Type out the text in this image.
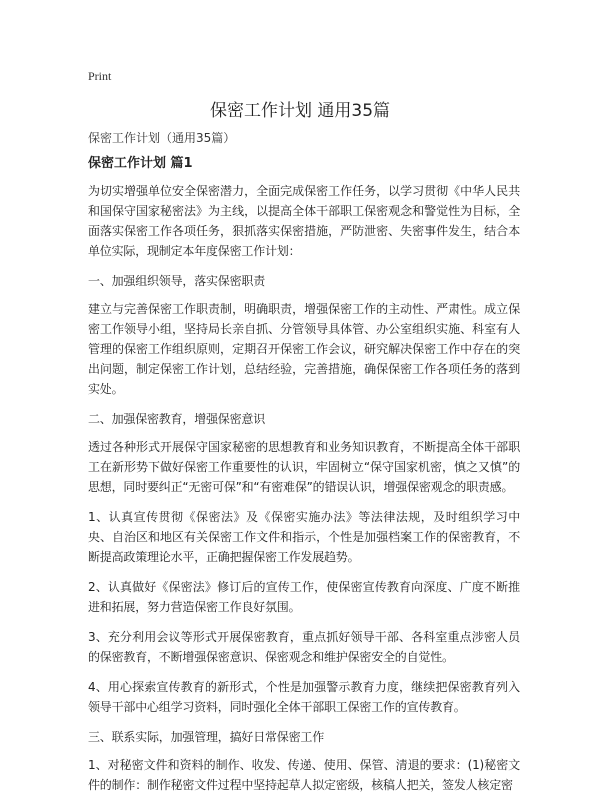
Print
保密工作计划 通用35篇

保密工作计划（通用35篇）

保密工作计划 篇1

为切实增强单位安全保密潜力，全面完成保密工作任务，以学习贯彻《中华人民共和国保守国家秘密法》为主线，以提高全体干部职工保密观念和警觉性为目标，全面落实保密工作各项任务，狠抓落实保密措施，严防泄密、失密事件发生，结合本单位实际，现制定本年度保密工作计划：

一、加强组织领导，落实保密职责

建立与完善保密工作职责制，明确职责，增强保密工作的主动性、严肃性。成立保密工作领导小组，坚持局长亲自抓、分管领导具体管、办公室组织实施、科室有人管理的保密工作组织原则，定期召开保密工作会议，研究解决保密工作中存在的突出问题，制定保密工作计划，总结经验，完善措施，确保保密工作各项任务的落到实处。

二、加强保密教育，增强保密意识

透过各种形式开展保守国家秘密的思想教育和业务知识教育，不断提高全体干部职工在新形势下做好保密工作重要性的认识，牢固树立“保守国家机密，慎之又慎”的思想，同时要纠正“无密可保”和“有密难保”的错误认识，增强保密观念的职责感。

1、认真宣传贯彻《保密法》及《保密实施办法》等法律法规，及时组织学习中央、自治区和地区有关保密工作文件和指示，个性是加强档案工作的保密教育，不断提高政策理论水平，正确把握保密工作发展趋势。

2、认真做好《保密法》修订后的宣传工作，使保密宣传教育向深度、广度不断推进和拓展，努力营造保密工作良好氛围。

3、充分利用会议等形式开展保密教育，重点抓好领导干部、各科室重点涉密人员的保密教育，不断增强保密意识、保密观念和维护保密安全的自觉性。

4、用心探索宣传教育的新形式，个性是加强警示教育力度，继续把保密教育列入领导干部中心组学习资料，同时强化全体干部职工保密工作的宣传教育。

三、联系实际，加强管理，搞好日常保密工作

1、对秘密文件和资料的制作、收发、传递、使用、保管、清退的要求：(1)秘密文件的制作：制作秘密文件过程中坚持起草人拟定密级，核稿人把关，签发人核定密
